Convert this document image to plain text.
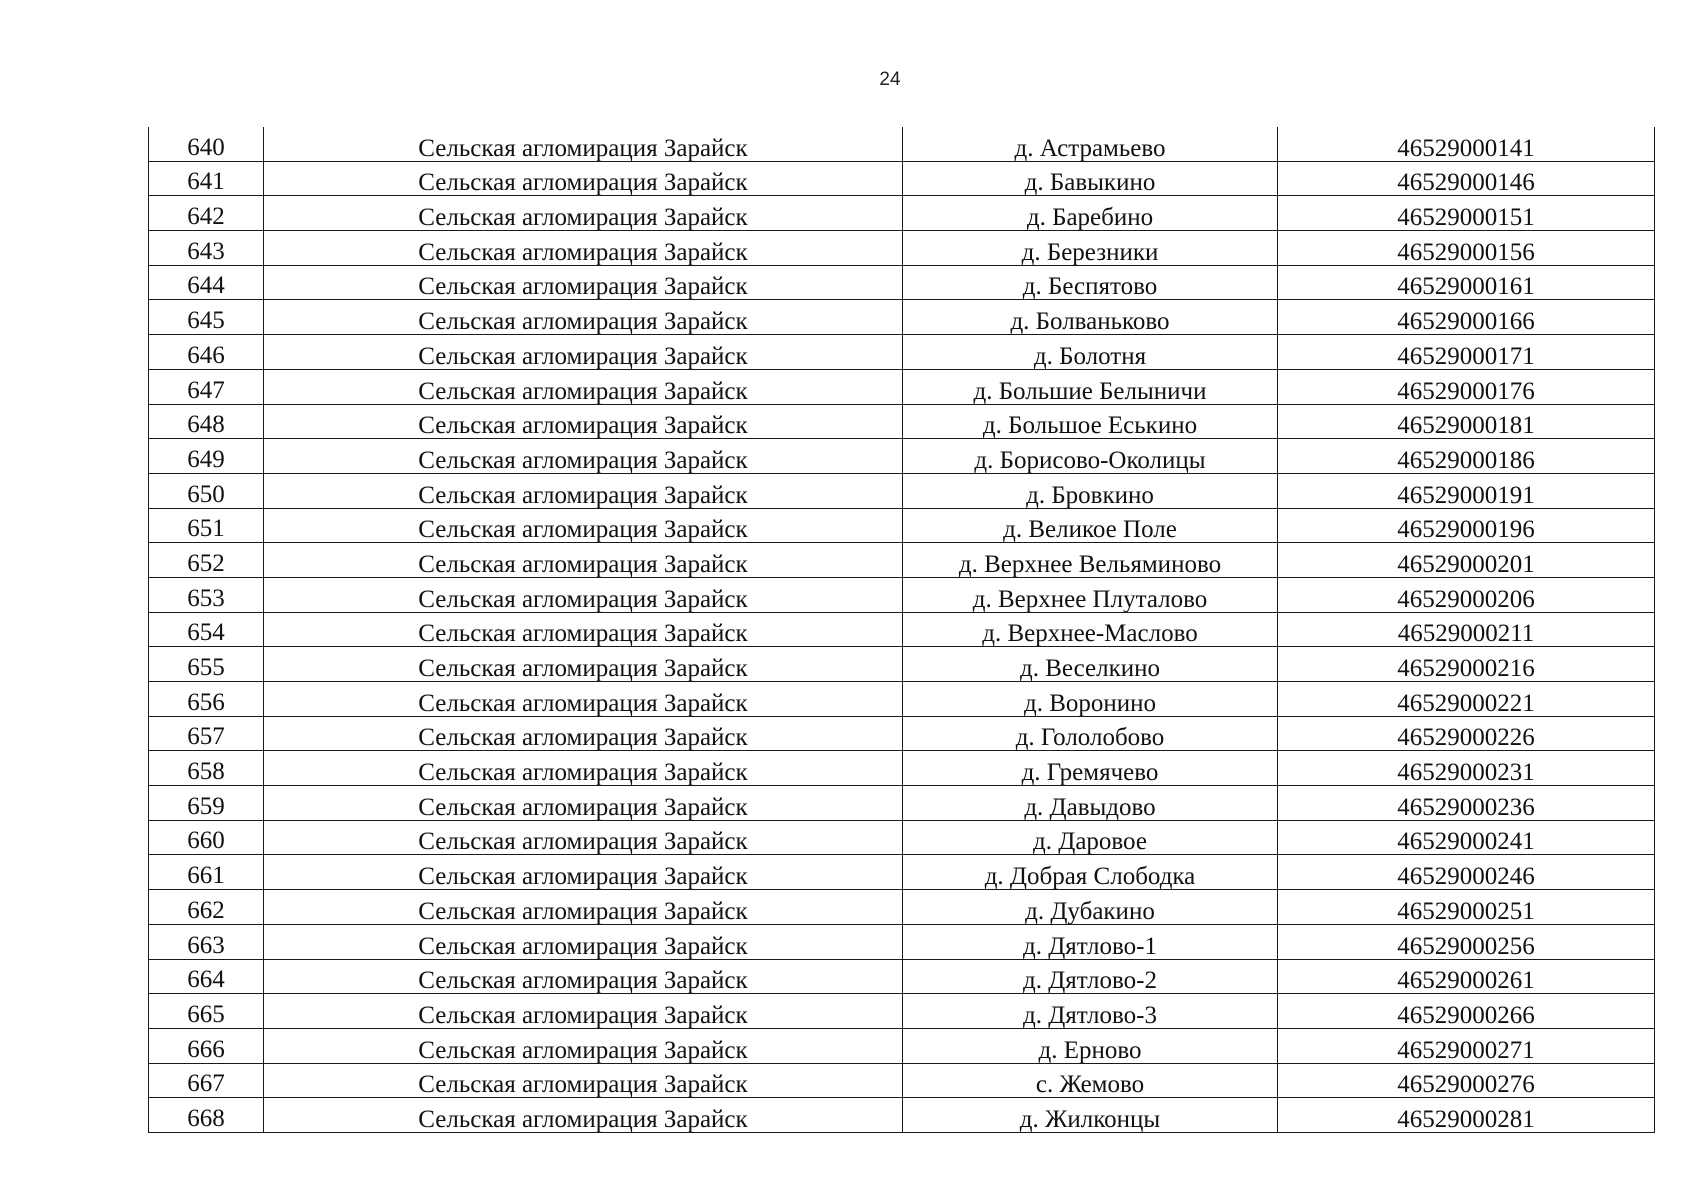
24
640	Сельская агломирация Зарайск	д. Астрамьево	46529000141
641	Сельская агломирация Зарайск	д. Бавыкино	46529000146
642	Сельская агломирация Зарайск	д. Баребино	46529000151
643	Сельская агломирация Зарайск	д. Березники	46529000156
644	Сельская агломирация Зарайск	д. Беспятово	46529000161
645	Сельская агломирация Зарайск	д. Болваньково	46529000166
646	Сельская агломирация Зарайск	д. Болотня	46529000171
647	Сельская агломирация Зарайск	д. Большие Белыничи	46529000176
648	Сельская агломирация Зарайск	д. Большое Еськино	46529000181
649	Сельская агломирация Зарайск	д. Борисово-Околицы	46529000186
650	Сельская агломирация Зарайск	д. Бровкино	46529000191
651	Сельская агломирация Зарайск	д. Великое Поле	46529000196
652	Сельская агломирация Зарайск	д. Верхнее Вельяминово	46529000201
653	Сельская агломирация Зарайск	д. Верхнее Плуталово	46529000206
654	Сельская агломирация Зарайск	д. Верхнее-Маслово	46529000211
655	Сельская агломирация Зарайск	д. Веселкино	46529000216
656	Сельская агломирация Зарайск	д. Воронино	46529000221
657	Сельская агломирация Зарайск	д. Гололобово	46529000226
658	Сельская агломирация Зарайск	д. Гремячево	46529000231
659	Сельская агломирация Зарайск	д. Давыдово	46529000236
660	Сельская агломирация Зарайск	д. Даровое	46529000241
661	Сельская агломирация Зарайск	д. Добрая Слободка	46529000246
662	Сельская агломирация Зарайск	д. Дубакино	46529000251
663	Сельская агломирация Зарайск	д. Дятлово-1	46529000256
664	Сельская агломирация Зарайск	д. Дятлово-2	46529000261
665	Сельская агломирация Зарайск	д. Дятлово-3	46529000266
666	Сельская агломирация Зарайск	д. Ерново	46529000271
667	Сельская агломирация Зарайск	с. Жемово	46529000276
668	Сельская агломирация Зарайск	д. Жилконцы	46529000281
